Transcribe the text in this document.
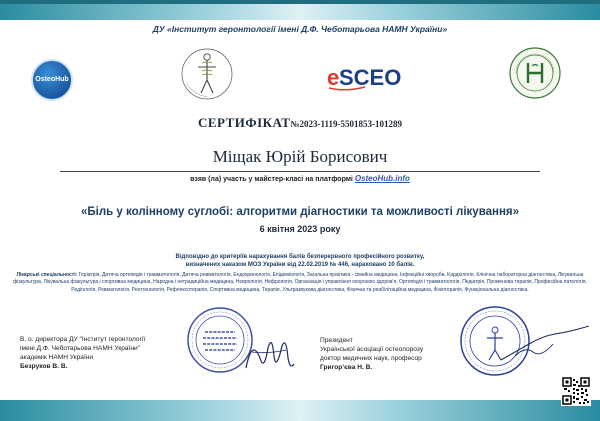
ДУ «Інститут геронтології імені Д.Ф. Чеботарьова НАМН України»
OsteoHub	e SCEO
СЕРТИФІКАТ№2023-1119-5501853-101289
Міщак Юрій Борисович
взяв (ла) участь у майстер-класі на платформі OsteoHub.info
«Біль у колінному суглобі: алгоритми діагностики та можливості лікування»
6 квітня 2023 року
Відповідно до критеріїв нарахування балів безперервного професійного розвитку,
визначених наказом МОЗ України від 22.02.2019 № 446, нараховано 10 балів.
Лікарські спеціальності: Геріатрія, Дитяча ортопедія і травматологія, Дитяча ревматологія, Ендокринологія, Епідеміологія, Загальна практика - сімейна медицина, Інфекційні хвороби, Кардіологія, Клінічна лабораторна діагностика, Лікувальна фізкультура, Лікувальна фізкультура і спортивна медицина, Народна і нетрадиційна медицина, Неврологія, Нефрологія, Організація і управління охороною здоров'я, Ортопедія і травматологія, Педіатрія, Променева терапія, Професійна патологія, Радіологія, Ревматологія, Рентгенологія, Рефлексотерапія, Спортивна медицина, Терапія, Ультразвукова діагностика, Фізична та реабілітаційна медицина, Фізіотерапія, Функціональна діагностика.
В. о. директора ДУ "Інститут геронтології
імені Д.Ф. Чеботарьова НАМН України"
академік НАМН України
Безруков В. В.
Президент
Української асоціації остеопорозу
доктор медичних наук, професор
Григор’єва Н. В.
